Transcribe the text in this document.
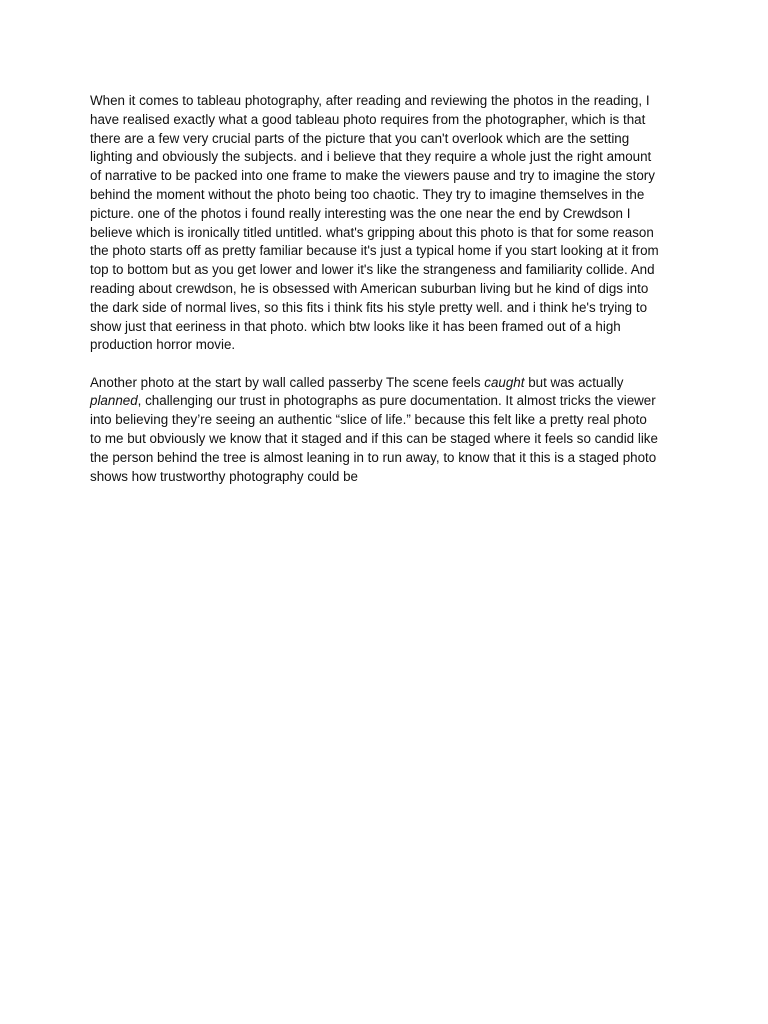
When it comes to tableau photography, after reading and reviewing the photos in the reading, I
have realised exactly what a good tableau photo requires from the photographer, which is that
there are a few very crucial parts of the picture that you can't overlook which are the setting
lighting and obviously the subjects. and i believe that they require a whole just the right amount
of narrative to be packed into one frame to make the viewers pause and try to imagine the story
behind the moment without the photo being too chaotic. They try to imagine themselves in the
picture. one of the photos i found really interesting was the one near the end by Crewdson I
believe which is ironically titled untitled. what's gripping about this photo is that for some reason
the photo starts off as pretty familiar because it's just a typical home if you start looking at it from
top to bottom but as you get lower and lower it's like the strangeness and familiarity collide. And
reading about crewdson, he is obsessed with American suburban living but he kind of digs into
the dark side of normal lives, so this fits i think fits his style pretty well. and i think he's trying to
show just that eeriness in that photo. which btw looks like it has been framed out of a high
production horror movie.

Another photo at the start by wall called passerby The scene feels caught but was actually
planned, challenging our trust in photographs as pure documentation. It almost tricks the viewer
into believing they’re seeing an authentic “slice of life.” because this felt like a pretty real photo
to me but obviously we know that it staged and if this can be staged where it feels so candid like
the person behind the tree is almost leaning in to run away, to know that it this is a staged photo
shows how trustworthy photography could be
